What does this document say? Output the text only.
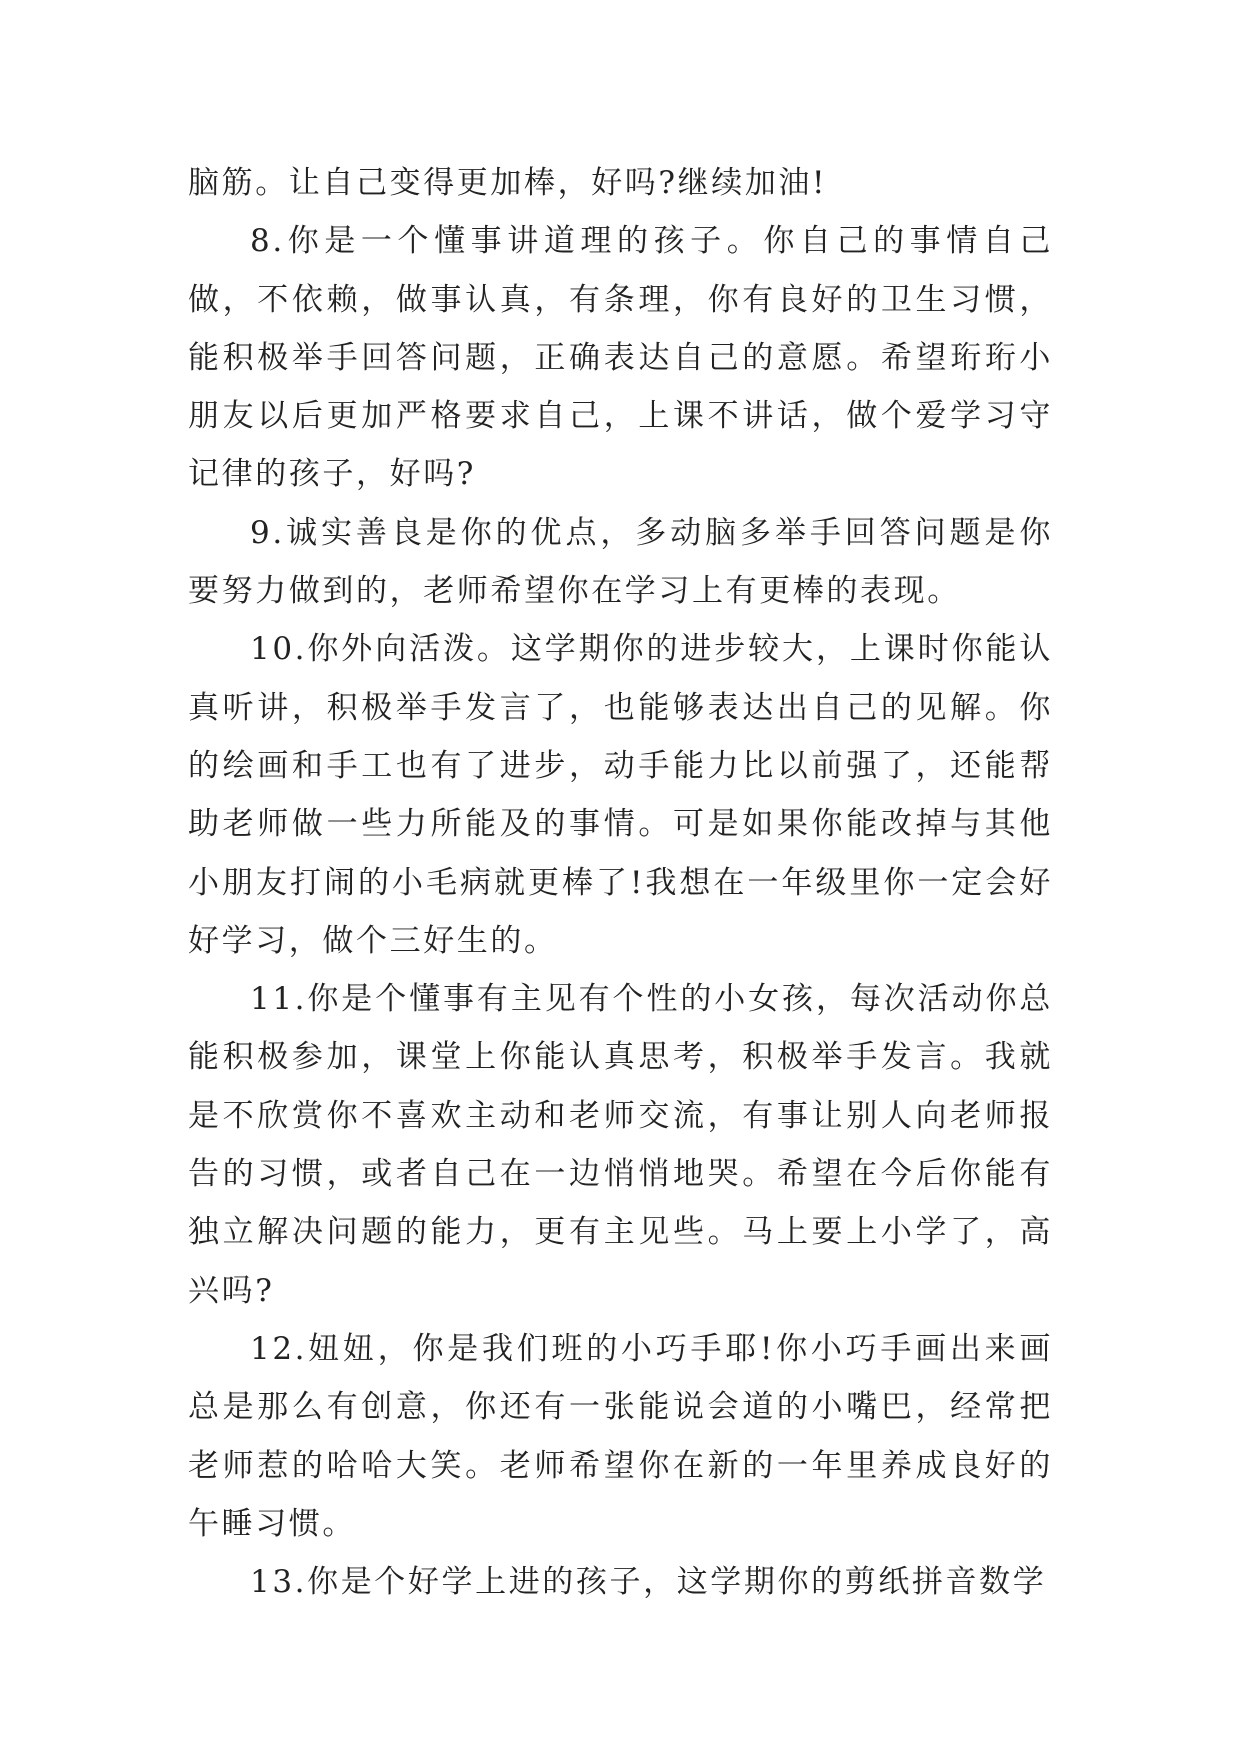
脑筋。让自己变得更加棒，好吗?继续加油!

8.你是一个懂事讲道理的孩子。你自己的事情自己做，不依赖，做事认真，有条理，你有良好的卫生习惯，能积极举手回答问题，正确表达自己的意愿。希望珩珩小朋友以后更加严格要求自己，上课不讲话，做个爱学习守记律的孩子，好吗?

9.诚实善良是你的优点，多动脑多举手回答问题是你要努力做到的，老师希望你在学习上有更棒的表现。

10.你外向活泼。这学期你的进步较大，上课时你能认真听讲，积极举手发言了，也能够表达出自己的见解。你的绘画和手工也有了进步，动手能力比以前强了，还能帮助老师做一些力所能及的事情。可是如果你能改掉与其他小朋友打闹的小毛病就更棒了!我想在一年级里你一定会好好学习，做个三好生的。

11.你是个懂事有主见有个性的小女孩，每次活动你总能积极参加，课堂上你能认真思考，积极举手发言。我就是不欣赏你不喜欢主动和老师交流，有事让别人向老师报告的习惯，或者自己在一边悄悄地哭。希望在今后你能有独立解决问题的能力，更有主见些。马上要上小学了，高兴吗?

12.妞妞，你是我们班的小巧手耶!你小巧手画出来画总是那么有创意，你还有一张能说会道的小嘴巴，经常把老师惹的哈哈大笑。老师希望你在新的一年里养成良好的午睡习惯。

13.你是个好学上进的孩子，这学期你的剪纸拼音数学
